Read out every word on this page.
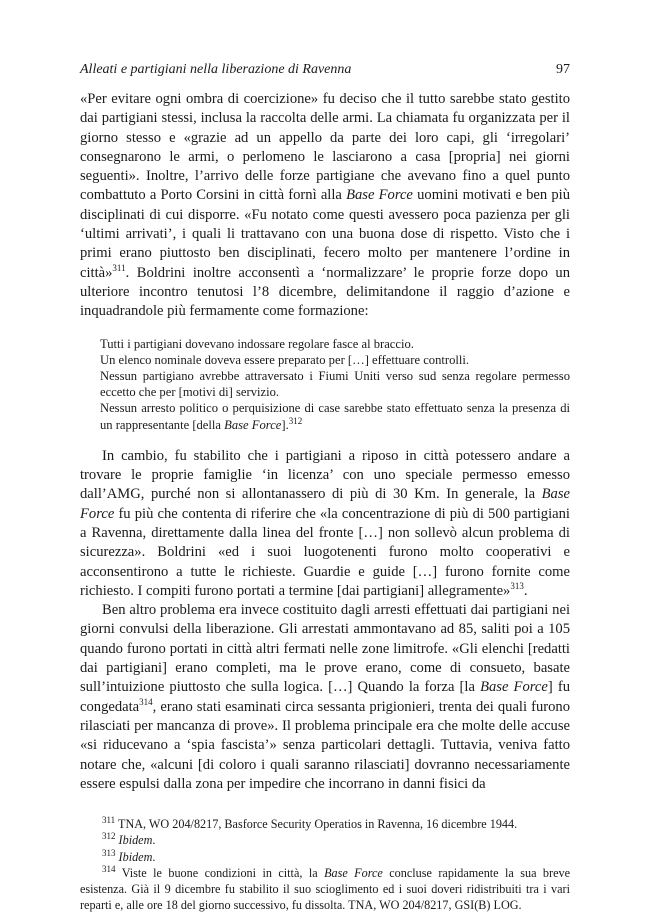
Alleati e partigiani nella liberazione di Ravenna	97

«Per evitare ogni ombra di coercizione» fu deciso che il tutto sarebbe stato gestito dai partigiani stessi, inclusa la raccolta delle armi. La chiamata fu organizzata per il giorno stesso e «grazie ad un appello da parte dei loro capi, gli ‘irregolari’ consegnarono le armi, o perlomeno le lasciarono a casa [propria] nei giorni seguenti». Inoltre, l’arrivo delle forze partigiane che avevano fino a quel punto combattuto a Porto Corsini in città fornì alla Base Force uomini motivati e ben più disciplinati di cui disporre. «Fu notato come questi avessero poca pazienza per gli ‘ultimi arrivati’, i quali li trattavano con una buona dose di rispetto. Visto che i primi erano piuttosto ben disciplinati, fecero molto per mantenere l’ordine in città»$^{311}$. Boldrini inoltre acconsentì a ‘normalizzare’ le proprie forze dopo un ulteriore incontro tenutosi l’8 dicembre, delimitandone il raggio d’azione e inquadrandole più fermamente come formazione:

Tutti i partigiani dovevano indossare regolare fasce al braccio.

Un elenco nominale doveva essere preparato per […] effettuare controlli.

Nessun partigiano avrebbe attraversato i Fiumi Uniti verso sud senza regolare permesso eccetto che per [motivi di] servizio.

Nessun arresto politico o perquisizione di case sarebbe stato effettuato senza la presenza di un rappresentante [della Base Force].$^{312}$

In cambio, fu stabilito che i partigiani a riposo in città potessero andare a trovare le proprie famiglie ‘in licenza’ con uno speciale permesso emesso dall’AMG, purché non si allontanassero di più di 30 Km. In generale, la Base Force fu più che contenta di riferire che «la concentrazione di più di 500 partigiani a Ravenna, direttamente dalla linea del fronte […] non sollevò alcun problema di sicurezza». Boldrini «ed i suoi luogotenenti furono molto cooperativi e acconsentirono a tutte le richieste. Guardie e guide […] furono fornite come richiesto. I compiti furono portati a termine [dai partigiani] allegramente»$^{313}$.

Ben altro problema era invece costituito dagli arresti effettuati dai partigiani nei giorni convulsi della liberazione. Gli arrestati ammontavano ad 85, saliti poi a 105 quando furono portati in città altri fermati nelle zone limitrofe. «Gli elenchi [redatti dai partigiani] erano completi, ma le prove erano, come di consueto, basate sull’intuizione piuttosto che sulla logica. […] Quando la forza [la Base Force] fu congedata$^{314}$, erano stati esaminati circa sessanta prigionieri, trenta dei quali furono rilasciati per mancanza di prove». Il problema principale era che molte delle accuse «si riducevano a ‘spia fascista’» senza particolari dettagli. Tuttavia, veniva fatto notare che, «alcuni [di coloro i quali saranno rilasciati] dovranno necessariamente essere espulsi dalla zona per impedire che incorrano in danni fisici da

$^{311}$ TNA, WO 204/8217, Basforce Security Operatios in Ravenna, 16 dicembre 1944.

$^{312}$ Ibidem.

$^{313}$ Ibidem.

$^{314}$ Viste le buone condizioni in città, la Base Force concluse rapidamente la sua breve esistenza. Già il 9 dicembre fu stabilito il suo scioglimento ed i suoi doveri ridistribuiti tra i vari reparti e, alle ore 18 del giorno successivo, fu dissolta. TNA, WO 204/8217, GSI(B) LOG.
